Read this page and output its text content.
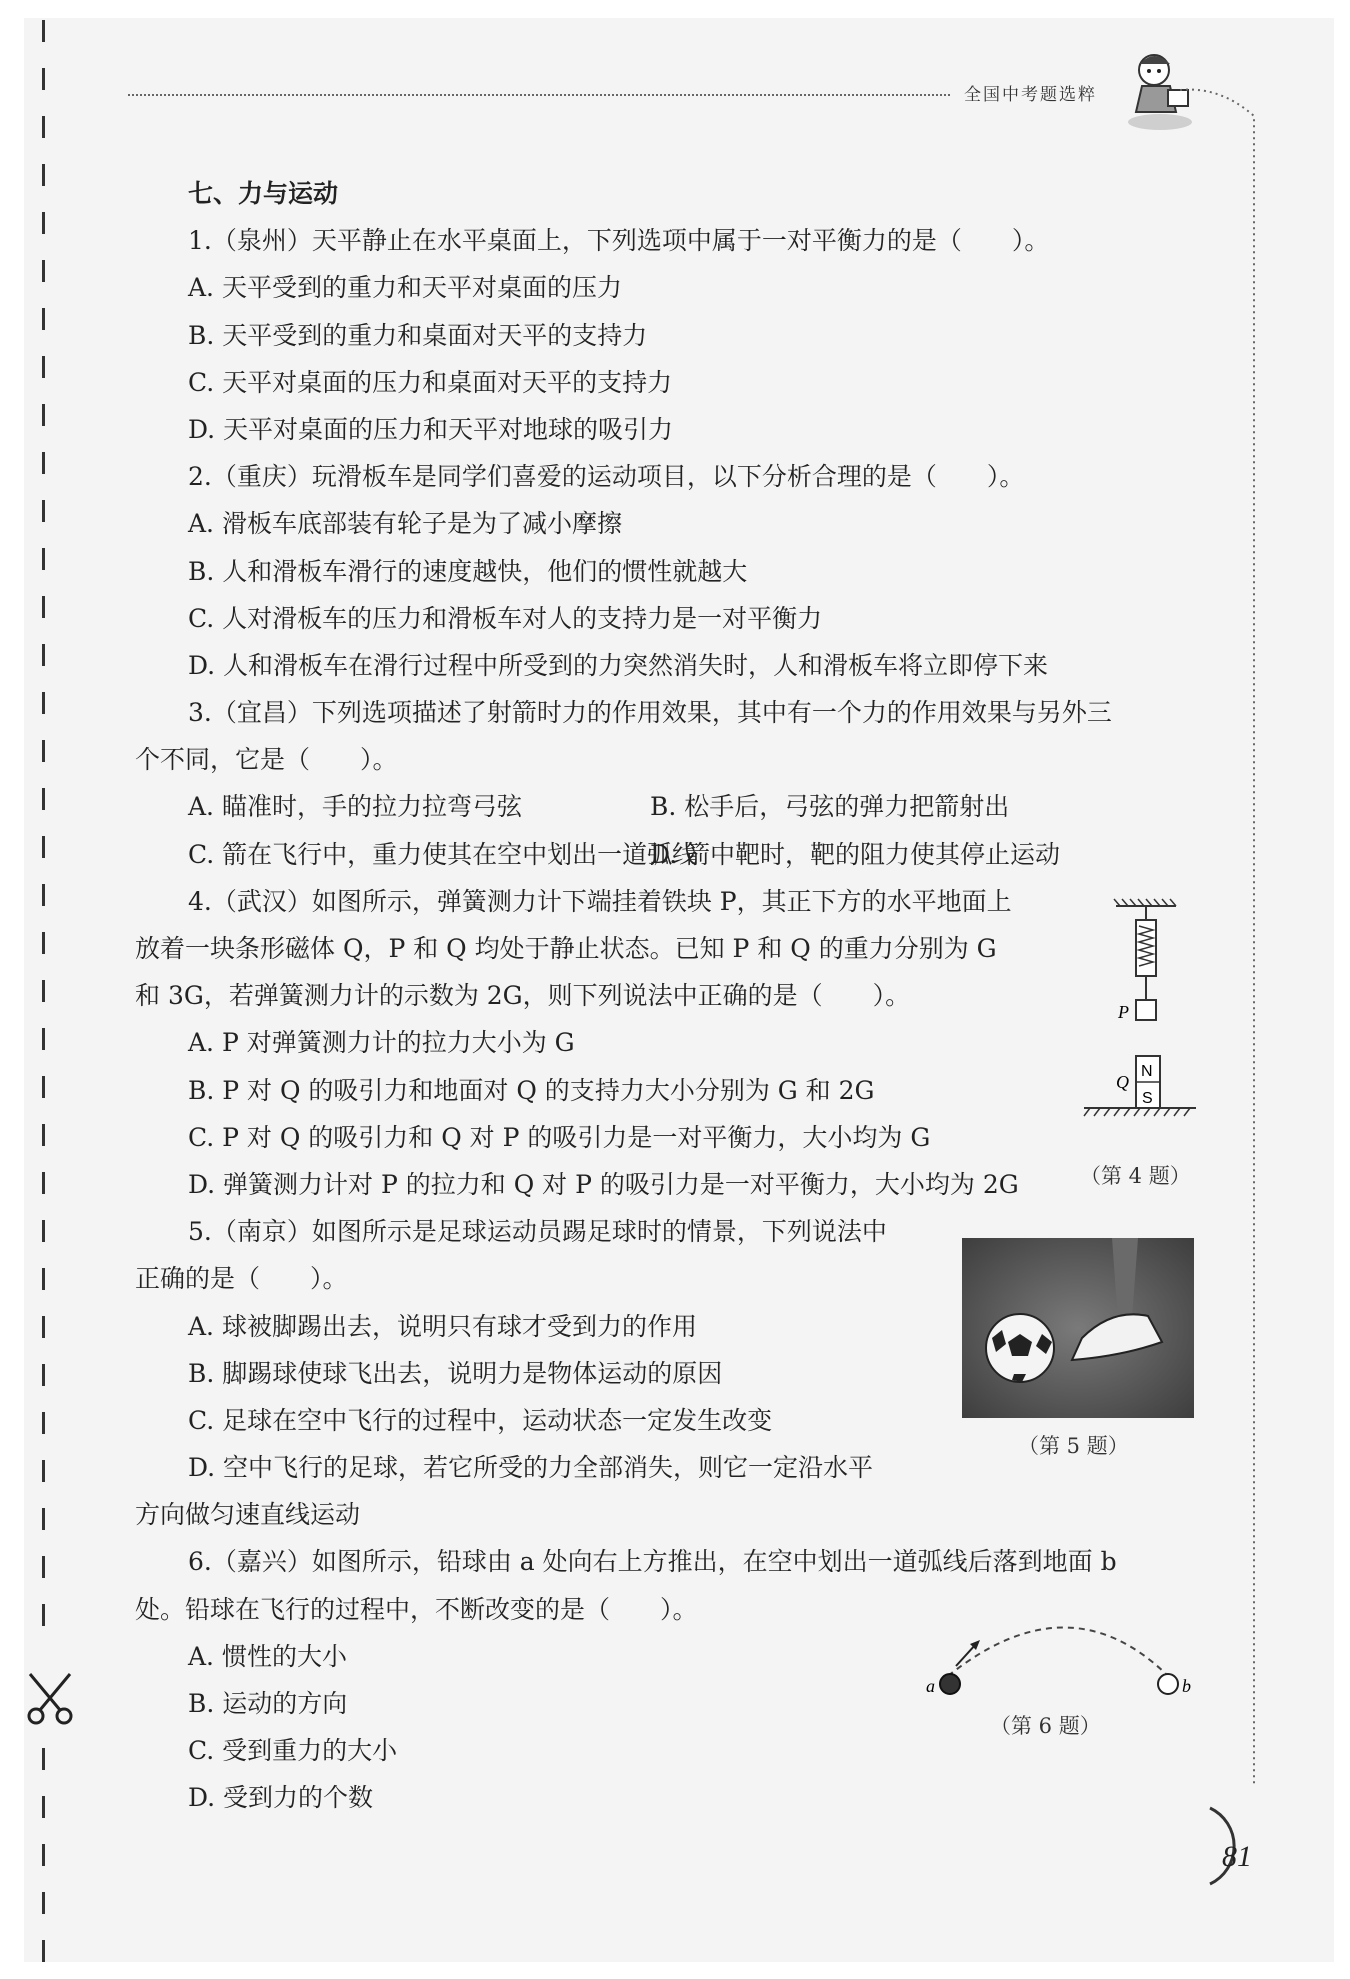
全国中考题选粹
81
七、力与运动
1.（泉州）天平静止在水平桌面上，下列选项中属于一对平衡力的是（　　）。
A. 天平受到的重力和天平对桌面的压力
B. 天平受到的重力和桌面对天平的支持力
C. 天平对桌面的压力和桌面对天平的支持力
D. 天平对桌面的压力和天平对地球的吸引力
2.（重庆）玩滑板车是同学们喜爱的运动项目，以下分析合理的是（　　）。
A. 滑板车底部装有轮子是为了减小摩擦
B. 人和滑板车滑行的速度越快，他们的惯性就越大
C. 人对滑板车的压力和滑板车对人的支持力是一对平衡力
D. 人和滑板车在滑行过程中所受到的力突然消失时，人和滑板车将立即停下来
3.（宜昌）下列选项描述了射箭时力的作用效果，其中有一个力的作用效果与另外三
个不同，它是（　　）。
A. 瞄准时，手的拉力拉弯弓弦	B. 松手后，弓弦的弹力把箭射出
C. 箭在飞行中，重力使其在空中划出一道弧线
D. 箭中靶时，靶的阻力使其停止运动
4.（武汉）如图所示，弹簧测力计下端挂着铁块 P，其正下方的水平地面上
放着一块条形磁体 Q，P 和 Q 均处于静止状态。已知 P 和 Q 的重力分别为 G
和 3G，若弹簧测力计的示数为 2G，则下列说法中正确的是（　　）。
A. P 对弹簧测力计的拉力大小为 G
B. P 对 Q 的吸引力和地面对 Q 的支持力大小分别为 G 和 2G
C. P 对 Q 的吸引力和 Q 对 P 的吸引力是一对平衡力，大小均为 G
D. 弹簧测力计对 P 的拉力和 Q 对 P 的吸引力是一对平衡力，大小均为 2G
5.（南京）如图所示是足球运动员踢足球时的情景，下列说法中
正确的是（　　）。
A. 球被脚踢出去，说明只有球才受到力的作用
B. 脚踢球使球飞出去，说明力是物体运动的原因
C. 足球在空中飞行的过程中，运动状态一定发生改变
D. 空中飞行的足球，若它所受的力全部消失，则它一定沿水平
方向做匀速直线运动
6.（嘉兴）如图所示，铅球由 a 处向右上方推出，在空中划出一道弧线后落到地面 b
处。铅球在飞行的过程中，不断改变的是（　　）。
A. 惯性的大小
B. 运动的方向
C. 受到重力的大小
D. 受到力的个数
P
N
S
Q
（第 4 题）
（第 5 题）
a	b
（第 6 题）
